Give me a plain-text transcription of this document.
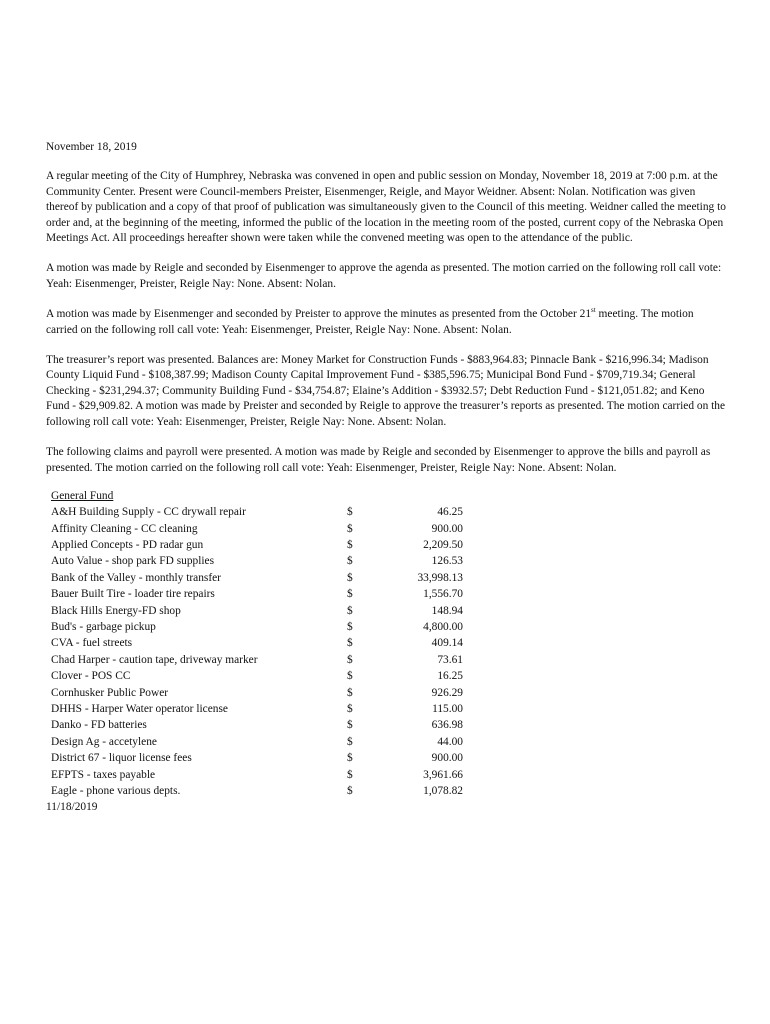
November 18, 2019

A regular meeting of the City of Humphrey, Nebraska was convened in open and public session on Monday, November 18, 2019 at 7:00 p.m. at the Community Center. Present were Council-members Preister, Eisenmenger, Reigle, and Mayor Weidner. Absent: Nolan. Notification was given thereof by publication and a copy of that proof of publication was simultaneously given to the Council of this meeting. Weidner called the meeting to order and, at the beginning of the meeting, informed the public of the location in the meeting room of the posted, current copy of the Nebraska Open Meetings Act. All proceedings hereafter shown were taken while the convened meeting was open to the attendance of the public.

A motion was made by Reigle and seconded by Eisenmenger to approve the agenda as presented. The motion carried on the following roll call vote: Yeah: Eisenmenger, Preister, Reigle Nay: None. Absent: Nolan.

A motion was made by Eisenmenger and seconded by Preister to approve the minutes as presented from the October 21st meeting. The motion carried on the following roll call vote: Yeah: Eisenmenger, Preister, Reigle Nay: None. Absent: Nolan.

The treasurer’s report was presented. Balances are: Money Market for Construction Funds - $883,964.83; Pinnacle Bank - $216,996.34; Madison County Liquid Fund - $108,387.99; Madison County Capital Improvement Fund - $385,596.75; Municipal Bond Fund - $709,719.34; General Checking - $231,294.37; Community Building Fund - $34,754.87; Elaine’s Addition - $3932.57; Debt Reduction Fund - $121,051.82; and Keno Fund - $29,909.82. A motion was made by Preister and seconded by Reigle to approve the treasurer’s reports as presented. The motion carried on the following roll call vote: Yeah: Eisenmenger, Preister, Reigle Nay: None. Absent: Nolan.

The following claims and payroll were presented. A motion was made by Reigle and seconded by Eisenmenger to approve the bills and payroll as presented. The motion carried on the following roll call vote: Yeah: Eisenmenger, Preister, Reigle Nay: None. Absent: Nolan.

General Fund
A&H Building Supply - CC drywall repair	$	46.25
Affinity Cleaning - CC cleaning	$	900.00
Applied Concepts - PD radar gun	$	2,209.50
Auto Value - shop park FD supplies	$	126.53
Bank of the Valley - monthly transfer	$	33,998.13
Bauer Built Tire - loader tire repairs	$	1,556.70
Black Hills Energy-FD shop	$	148.94
Bud's - garbage pickup	$	4,800.00
CVA - fuel streets	$	409.14
Chad Harper - caution tape, driveway marker	$	73.61
Clover - POS CC	$	16.25
Cornhusker Public Power	$	926.29
DHHS - Harper Water operator license	$	115.00
Danko - FD batteries	$	636.98
Design Ag - accetylene	$	44.00
District 67 - liquor license fees	$	900.00
EFPTS - taxes payable	$	3,961.66
Eagle - phone various depts.	$	1,078.82
11/18/2019
